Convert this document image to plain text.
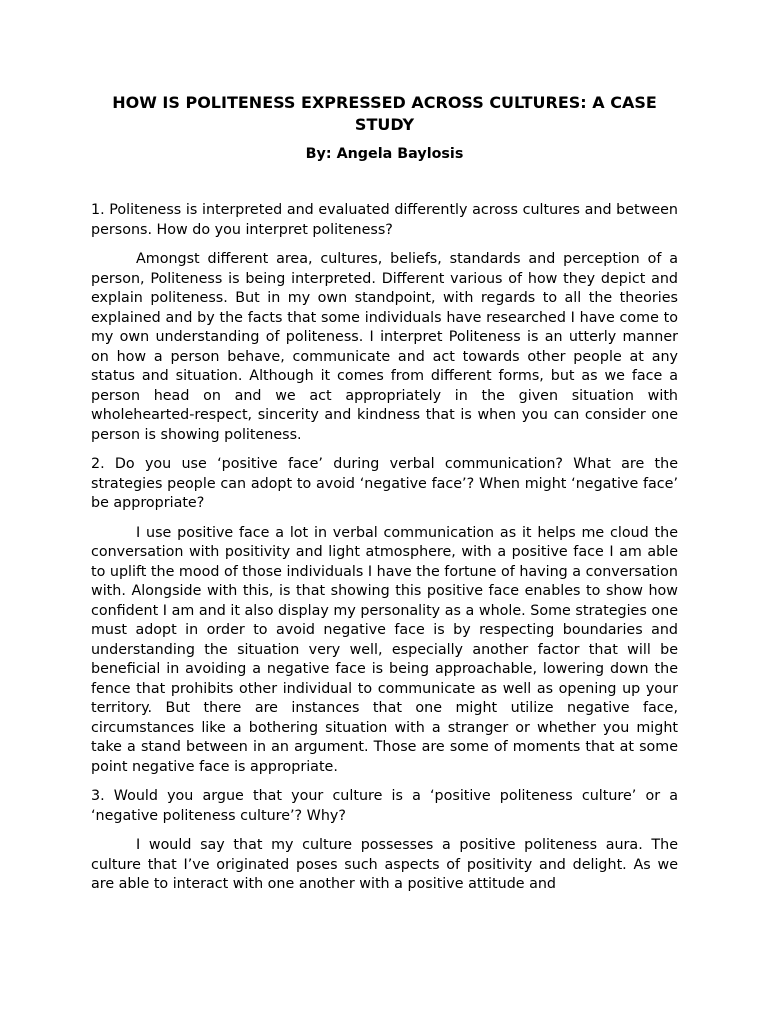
HOW IS POLITENESS EXPRESSED ACROSS CULTURES: A CASE STUDY
By: Angela Baylosis

1. Politeness is interpreted and evaluated differently across cultures and between persons. How do you interpret politeness?

Amongst different area, cultures, beliefs, standards and perception of a person, Politeness is being interpreted. Different various of how they depict and explain politeness. But in my own standpoint, with regards to all the theories explained and by the facts that some individuals have researched I have come to my own understanding of politeness. I interpret Politeness is an utterly manner on how a person behave, communicate and act towards other people at any status and situation. Although it comes from different forms, but as we face a person head on and we act appropriately in the given situation with wholehearted-respect, sincerity and kindness that is when you can consider one person is showing politeness.

2. Do you use ‘positive face’ during verbal communication? What are the strategies people can adopt to avoid ‘negative face’? When might ‘negative face’ be appropriate?

I use positive face a lot in verbal communication as it helps me cloud the conversation with positivity and light atmosphere, with a positive face I am able to uplift the mood of those individuals I have the fortune of having a conversation with. Alongside with this, is that showing this positive face enables to show how confident I am and it also display my personality as a whole. Some strategies one must adopt in order to avoid negative face is by respecting boundaries and understanding the situation very well, especially another factor that will be beneficial in avoiding a negative face is being approachable, lowering down the fence that prohibits other individual to communicate as well as opening up your territory. But there are instances that one might utilize negative face, circumstances like a bothering situation with a stranger or whether you might take a stand between in an argument. Those are some of moments that at some point negative face is appropriate.

3. Would you argue that your culture is a ‘positive politeness culture’ or a ‘negative politeness culture’? Why?

I would say that my culture possesses a positive politeness aura. The culture that I’ve originated poses such aspects of positivity and delight. As we are able to interact with one another with a positive attitude and
